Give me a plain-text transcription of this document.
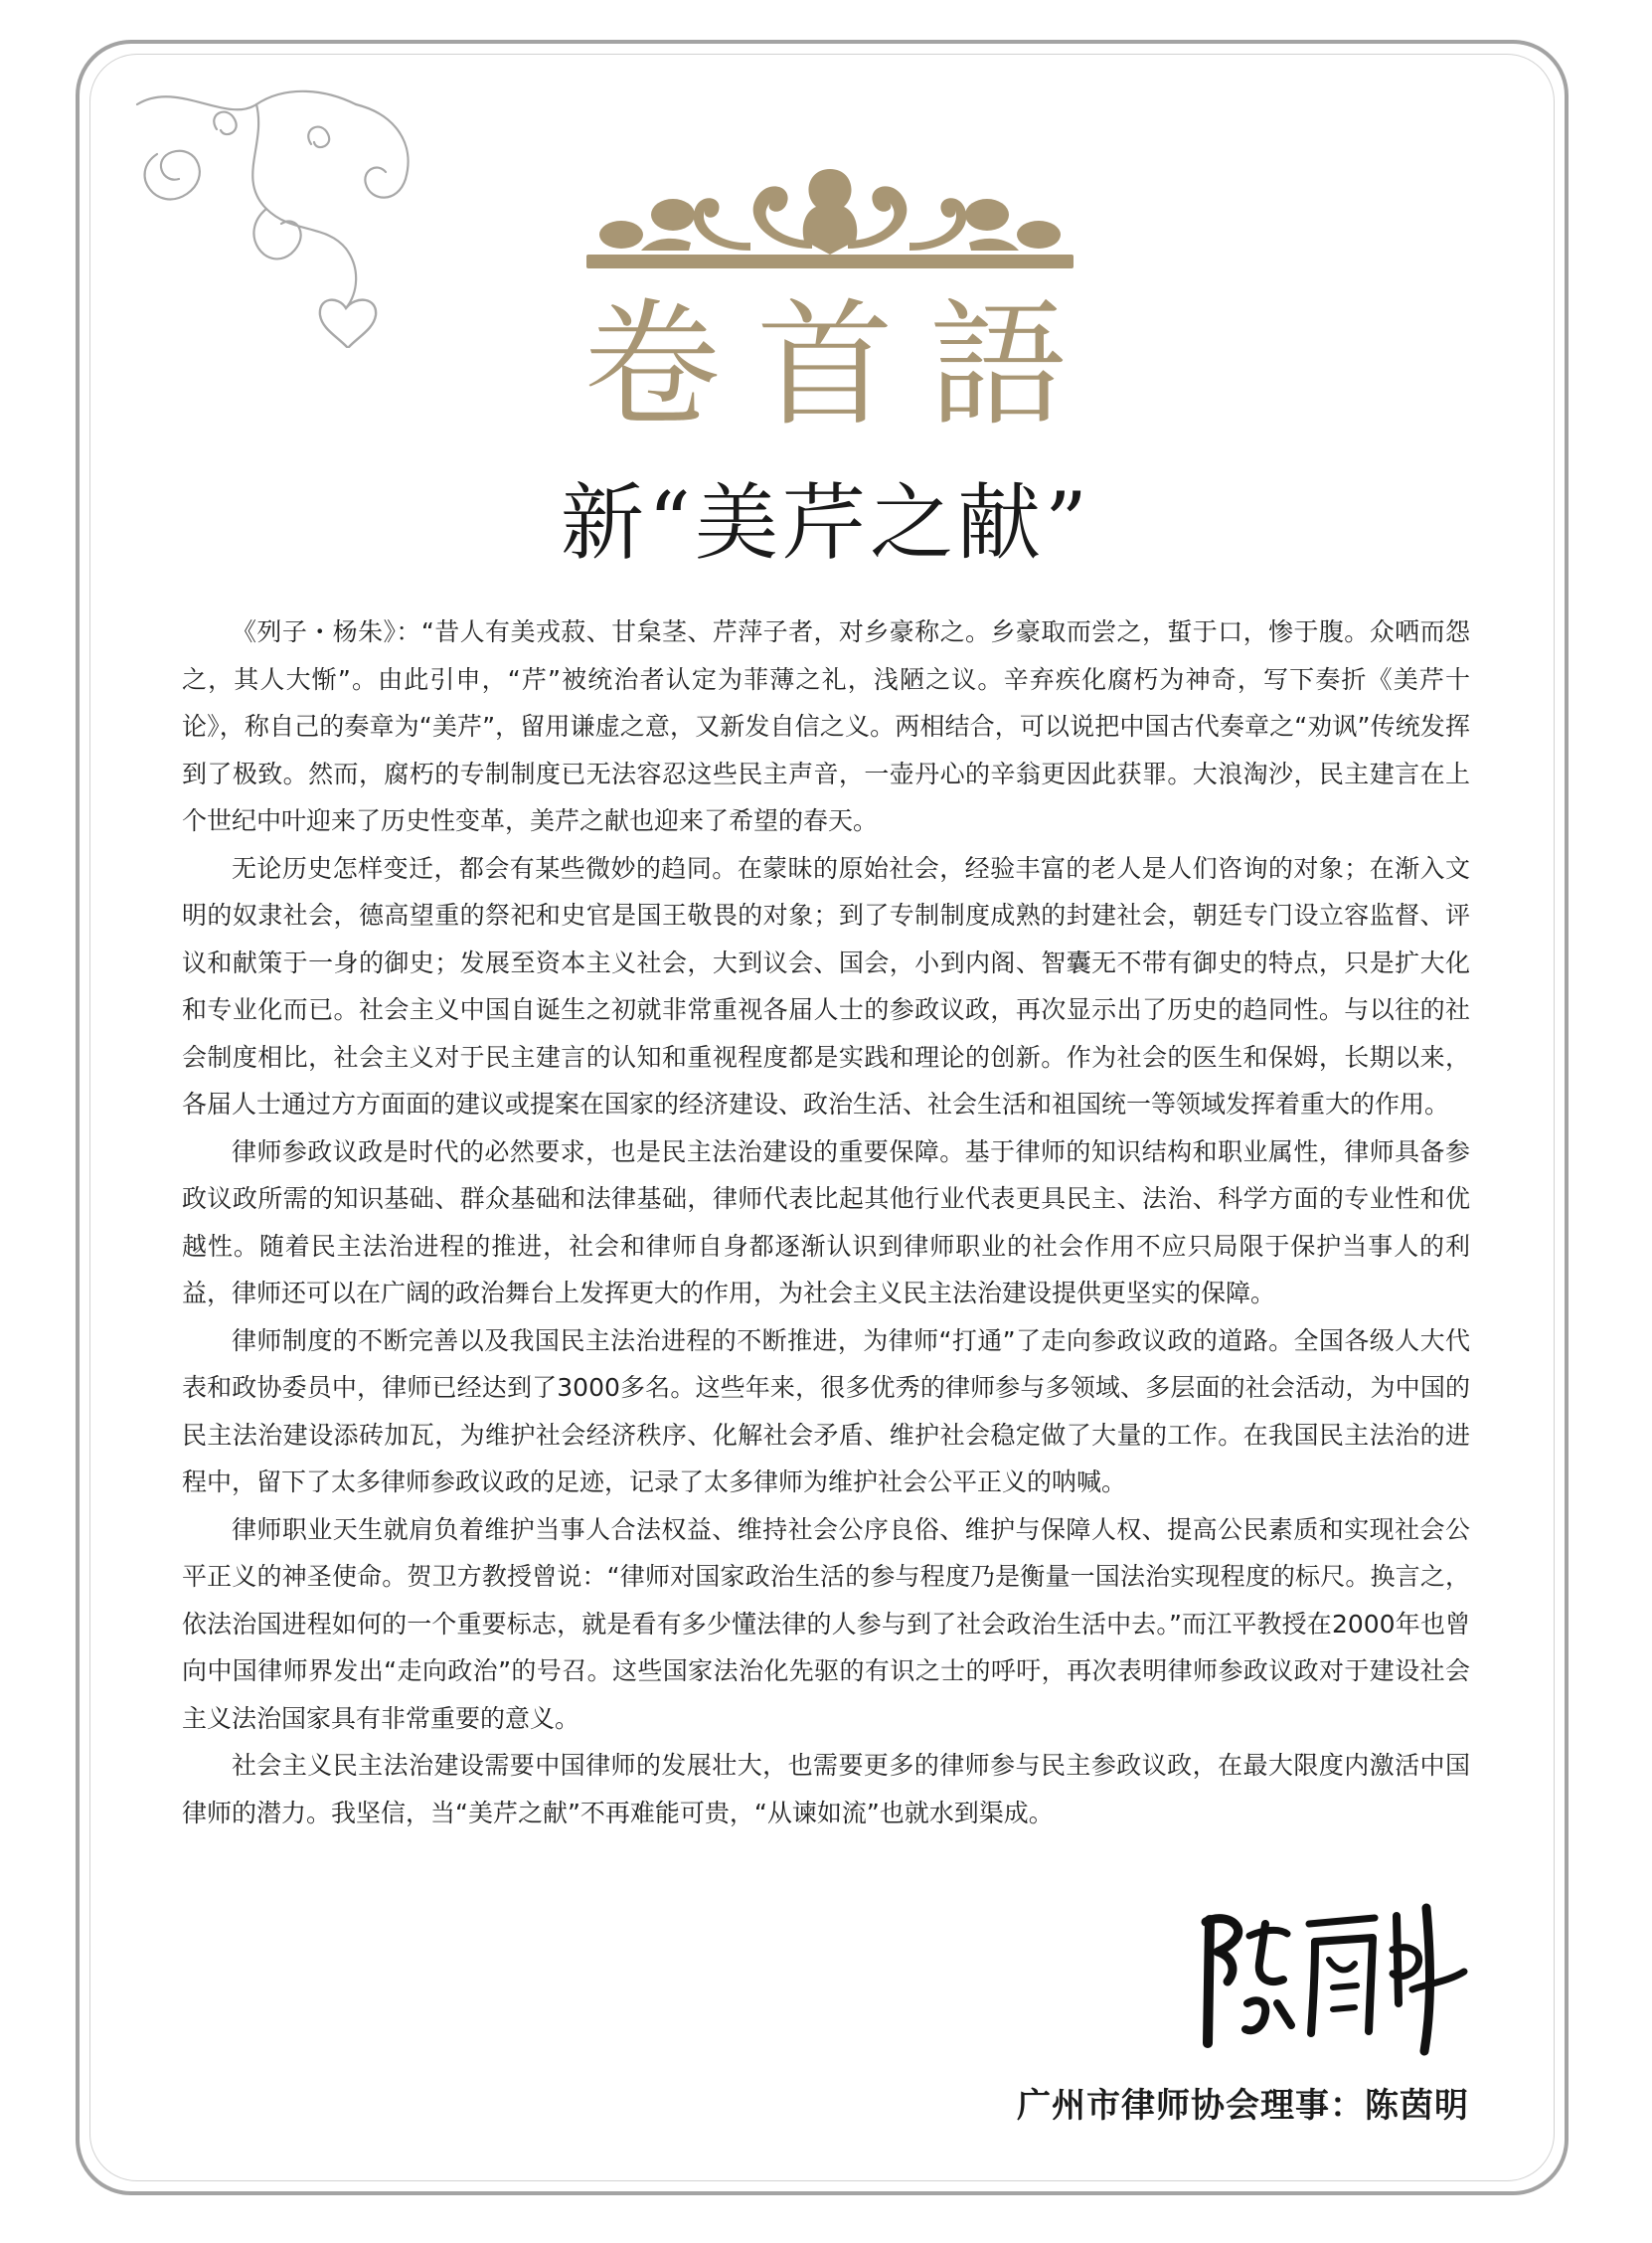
卷 首 語
新“美芹之献”

《列子・杨朱》：“昔人有美戎菽、甘枲茎、芹萍子者，对乡豪称之。乡豪取而尝之，蜇于口，惨于腹。众哂而怨之，其人大惭”。由此引申，“芹”被统治者认定为菲薄之礼，浅陋之议。辛弃疾化腐朽为神奇，写下奏折《美芹十论》，称自己的奏章为“美芹”，留用谦虚之意，又新发自信之义。两相结合，可以说把中国古代奏章之“劝讽”传统发挥到了极致。然而，腐朽的专制制度已无法容忍这些民主声音，一壶丹心的辛翁更因此获罪。大浪淘沙，民主建言在上个世纪中叶迎来了历史性变革，美芹之献也迎来了希望的春天。

无论历史怎样变迁，都会有某些微妙的趋同。在蒙昧的原始社会，经验丰富的老人是人们咨询的对象；在渐入文明的奴隶社会，德高望重的祭祀和史官是国王敬畏的对象；到了专制制度成熟的封建社会，朝廷专门设立容监督、评议和献策于一身的御史；发展至资本主义社会，大到议会、国会，小到内阁、智囊无不带有御史的特点，只是扩大化和专业化而已。社会主义中国自诞生之初就非常重视各届人士的参政议政，再次显示出了历史的趋同性。与以往的社会制度相比，社会主义对于民主建言的认知和重视程度都是实践和理论的创新。作为社会的医生和保姆，长期以来，各届人士通过方方面面的建议或提案在国家的经济建设、政治生活、社会生活和祖国统一等领域发挥着重大的作用。

律师参政议政是时代的必然要求，也是民主法治建设的重要保障。基于律师的知识结构和职业属性，律师具备参政议政所需的知识基础、群众基础和法律基础，律师代表比起其他行业代表更具民主、法治、科学方面的专业性和优越性。随着民主法治进程的推进，社会和律师自身都逐渐认识到律师职业的社会作用不应只局限于保护当事人的利益，律师还可以在广阔的政治舞台上发挥更大的作用，为社会主义民主法治建设提供更坚实的保障。

律师制度的不断完善以及我国民主法治进程的不断推进，为律师“打通”了走向参政议政的道路。全国各级人大代表和政协委员中，律师已经达到了3000多名。这些年来，很多优秀的律师参与多领域、多层面的社会活动，为中国的民主法治建设添砖加瓦，为维护社会经济秩序、化解社会矛盾、维护社会稳定做了大量的工作。在我国民主法治的进程中，留下了太多律师参政议政的足迹，记录了太多律师为维护社会公平正义的呐喊。

律师职业天生就肩负着维护当事人合法权益、维持社会公序良俗、维护与保障人权、提高公民素质和实现社会公平正义的神圣使命。贺卫方教授曾说：“律师对国家政治生活的参与程度乃是衡量一国法治实现程度的标尺。换言之，依法治国进程如何的一个重要标志，就是看有多少懂法律的人参与到了社会政治生活中去。”而江平教授在2000年也曾向中国律师界发出“走向政治”的号召。这些国家法治化先驱的有识之士的呼吁，再次表明律师参政议政对于建设社会主义法治国家具有非常重要的意义。

社会主义民主法治建设需要中国律师的发展壮大，也需要更多的律师参与民主参政议政，在最大限度内激活中国律师的潜力。我坚信，当“美芹之献”不再难能可贵，“从谏如流”也就水到渠成。

广州市律师协会理事：陈茵明
